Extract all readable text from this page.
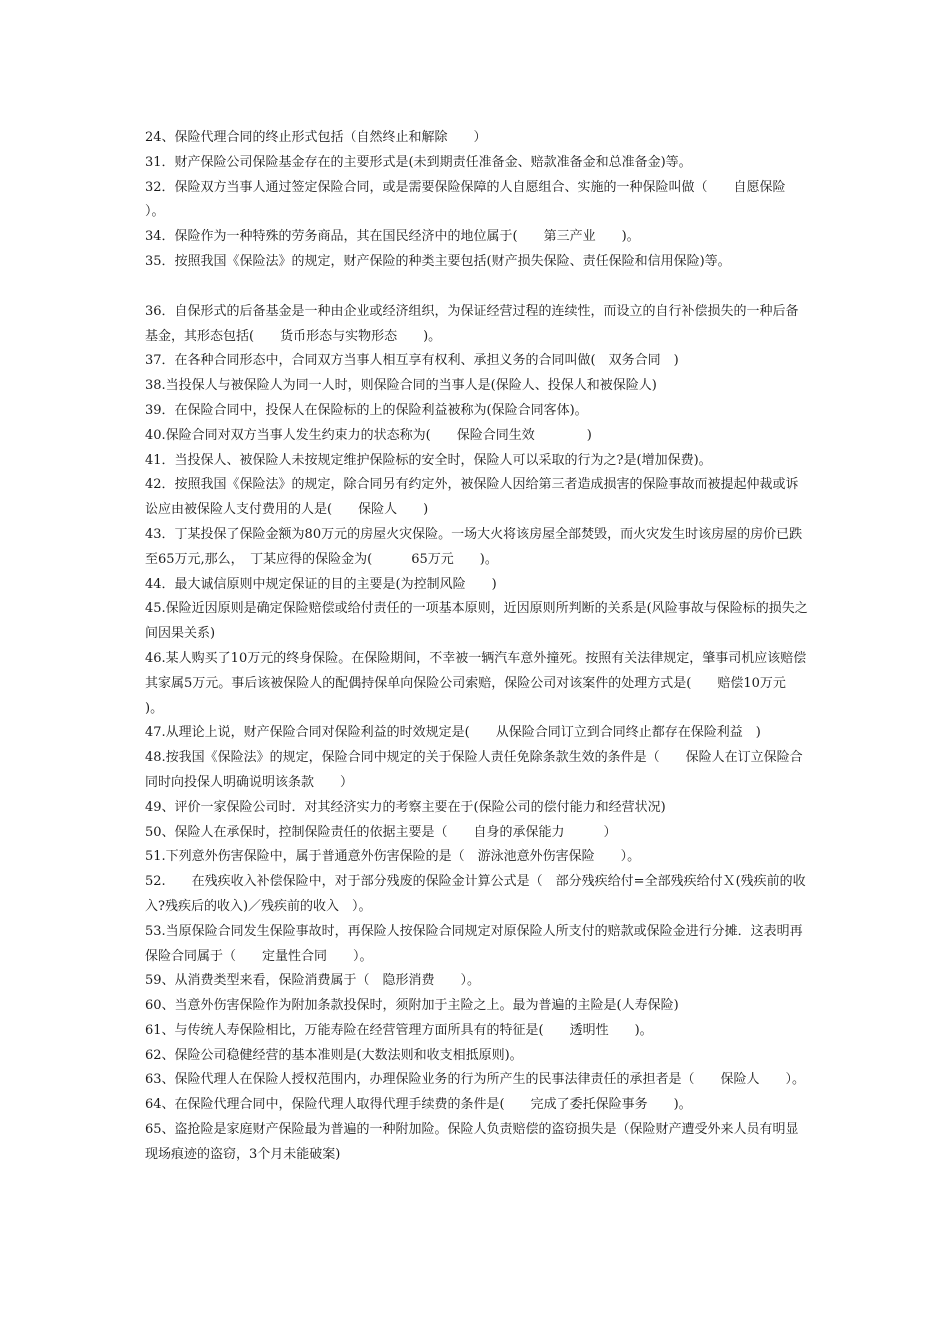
24、保险代理合同的终止形式包括（自然终止和解除　　）

31．财产保险公司保险基金存在的主要形式是(未到期责任准备金、赔款准备金和总准备金)等。

32．保险双方当事人通过签定保险合同，或是需要保险保障的人自愿组合、实施的一种保险叫做（　　自愿保险　　）。

34．保险作为一种特殊的劳务商品，其在国民经济中的地位属于(　　第三产业　　)。

35．按照我国《保险法》的规定，财产保险的种类主要包括(财产损失保险、责任保险和信用保险)等。

36．自保形式的后备基金是一种由企业或经济组织，为保证经营过程的连续性，而设立的自行补偿损失的一种后备基金，其形态包括(　　货币形态与实物形态　　)。

37．在各种合同形态中，合同双方当事人相互享有权利、承担义务的合同叫做(　双务合同　)

38.当投保人与被保险人为同一人时，则保险合同的当事人是(保险人、投保人和被保险人)

39．在保险合同中，投保人在保险标的上的保险利益被称为(保险合同客体)。

40.保险合同对双方当事人发生约束力的状态称为(　　保险合同生效　　　　)

41．当投保人、被保险人未按规定维护保险标的安全时，保险人可以采取的行为之?是(增加保费)。

42．按照我国《保险法》的规定，除合同另有约定外，被保险人因给第三者造成损害的保险事故而被提起仲裁或诉讼应由被保险人支付费用的人是(　　保险人　　)

43．丁某投保了保险金额为80万元的房屋火灾保险。一场大火将该房屋全部焚毁，而火灾发生时该房屋的房价已跌至65万元,那么，　丁某应得的保险金为(　　　65万元　　)。

44．最大诚信原则中规定保证的目的主要是(为控制风险　　)

45.保险近因原则是确定保险赔偿或给付责任的一项基本原则，近因原则所判断的关系是(风险事故与保险标的损失之间因果关系)

46.某人购买了10万元的终身保险。在保险期间，不幸被一辆汽车意外撞死。按照有关法律规定，肇事司机应该赔偿其家属5万元。事后该被保险人的配偶持保单向保险公司索赔，保险公司对该案件的处理方式是(　　赔偿10万元　　)。

47.从理论上说，财产保险合同对保险利益的时效规定是(　　从保险合同订立到合同终止都存在保险利益　)

48.按我国《保险法》的规定，保险合同中规定的关于保险人责任免除条款生效的条件是（　　保险人在订立保险合同时向投保人明确说明该条款　　）

49、评价一家保险公司时．对其经济实力的考察主要在于(保险公司的偿付能力和经营状况)

50、保险人在承保时，控制保险责任的依据主要是（　　自身的承保能力　　　）

51.下列意外伤害保险中，属于普通意外伤害保险的是（　游泳池意外伤害保险　　）。

52.　　在残疾收入补偿保险中，对于部分残废的保险金计算公式是（　部分残疾给付=全部残疾给付Ｘ(残疾前的收入?残疾后的收入)／残疾前的收入　）。

53.当原保险合同发生保险事故时，再保险人按保险合同规定对原保险人所支付的赔款或保险金进行分摊．这表明再保险合同属于（　　定量性合同　　）。

59、从消费类型来看，保险消费属于（　隐形消费　　）。

60、当意外伤害保险作为附加条款投保时，须附加于主险之上。最为普遍的主险是(人寿保险)

61、与传统人寿保险相比，万能寿险在经营管理方面所具有的特征是(　　透明性　　)。

62、保险公司稳健经营的基本准则是(大数法则和收支相抵原则)。

63、保险代理人在保险人授权范围内，办理保险业务的行为所产生的民事法律责任的承担者是（　　保险人　　）。

64、在保险代理合同中，保险代理人取得代理手续费的条件是(　　完成了委托保险事务　　)。

65、盗抢险是家庭财产保险最为普遍的一种附加险。保险人负责赔偿的盗窃损失是（保险财产遭受外来人员有明显现场痕迹的盗窃，3个月未能破案)
